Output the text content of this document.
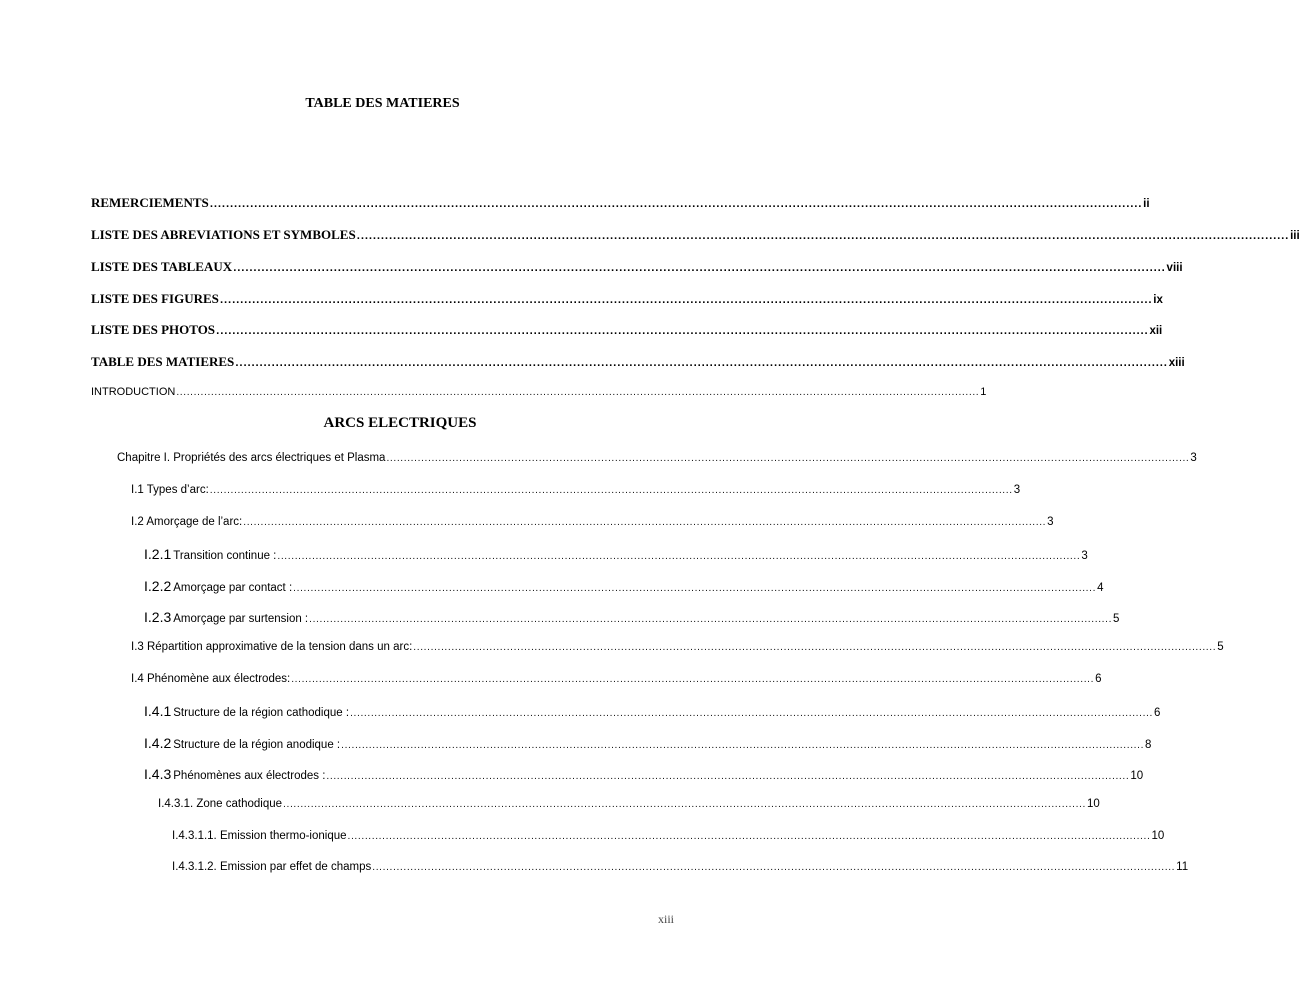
TABLE DES MATIERES
REMERCIEMENTS ........................................................................................................................................................................................................................................ ii
LISTE DES ABREVIATIONS ET SYMBOLES ........................................................................................................................................................................................................................................ iii
LISTE DES TABLEAUX ........................................................................................................................................................................................................................................ viii
LISTE DES FIGURES ........................................................................................................................................................................................................................................ ix
LISTE DES PHOTOS ........................................................................................................................................................................................................................................ xii
TABLE DES MATIERES ........................................................................................................................................................................................................................................ xiii
INTRODUCTION ........................................................................................................................................................................................................................................ 1
ARCS ELECTRIQUES
Chapitre I. Propriétés des arcs électriques et Plasma ........................................................................................................................................................................................................................................ 3
I.1 Types d’arc: ........................................................................................................................................................................................................................................ 3
I.2 Amorçage de l’arc: ........................................................................................................................................................................................................................................ 3
I.2.1 Transition continue : ........................................................................................................................................................................................................................................ 3
I.2.2 Amorçage par contact : ........................................................................................................................................................................................................................................ 4
I.2.3 Amorçage par surtension : ........................................................................................................................................................................................................................................ 5
I.3 Répartition approximative de la tension dans un arc: ........................................................................................................................................................................................................................................ 5
I.4 Phénomène aux électrodes: ........................................................................................................................................................................................................................................ 6
I.4.1 Structure de la région cathodique : ........................................................................................................................................................................................................................................ 6
I.4.2 Structure de la région anodique : ........................................................................................................................................................................................................................................ 8
I.4.3 Phénomènes aux électrodes : ........................................................................................................................................................................................................................................ 10
I.4.3.1. Zone cathodique ........................................................................................................................................................................................................................................ 10
I.4.3.1.1. Emission thermo-ionique ........................................................................................................................................................................................................................................ 10
I.4.3.1.2. Emission par effet de champs ........................................................................................................................................................................................................................................ 11
xiii
